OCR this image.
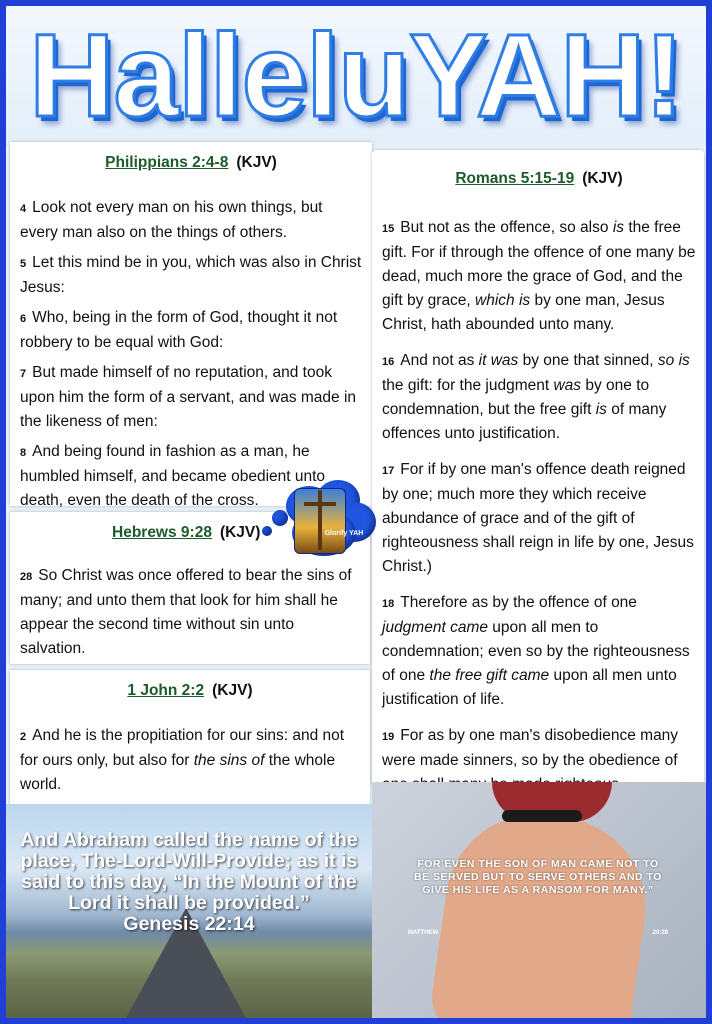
HalleluYAH!

Philippians 2:4-8 (KJV)

4 Look not every man on his own things, but every man also on the things of others.

5 Let this mind be in you, which was also in Christ Jesus:

6 Who, being in the form of God, thought it not robbery to be equal with God:

7 But made himself of no reputation, and took upon him the form of a servant, and was made in the likeness of men:

8 And being found in fashion as a man, he humbled himself, and became obedient unto death, even the death of the cross.

Hebrews 9:28 (KJV)

28 So Christ was once offered to bear the sins of many; and unto them that look for him shall he appear the second time without sin unto salvation.

1 John 2:2 (KJV)

2 And he is the propitiation for our sins: and not for ours only, but also for the sins of the whole world.

Romans 5:15-19 (KJV)

15 But not as the offence, so also is the free gift. For if through the offence of one many be dead, much more the grace of God, and the gift by grace, which is by one man, Jesus Christ, hath abounded unto many.

16 And not as it was by one that sinned, so is the gift: for the judgment was by one to condemnation, but the free gift is of many offences unto justification.

17 For if by one man's offence death reigned by one; much more they which receive abundance of grace and of the gift of righteousness shall reign in life by one, Jesus Christ.)

18 Therefore as by the offence of one judgment came upon all men to condemnation; even so by the righteousness of one the free gift came upon all men unto justification of life.

19 For as by one man's disobedience many were made sinners, so by the obedience of

And Abraham called the name of the place, The-Lord-Will-Provide; as it is said to this day, “In the Mount of the Lord it shall be provided.”
Genesis 22:14
FOR EVEN THE SON OF MAN CAME NOT TO BE SERVED BUT TO SERVE OTHERS AND TO GIVE HIS LIFE AS A RANSOM FOR MANY.”
MATTHEW	20:28
Glorify YAH
